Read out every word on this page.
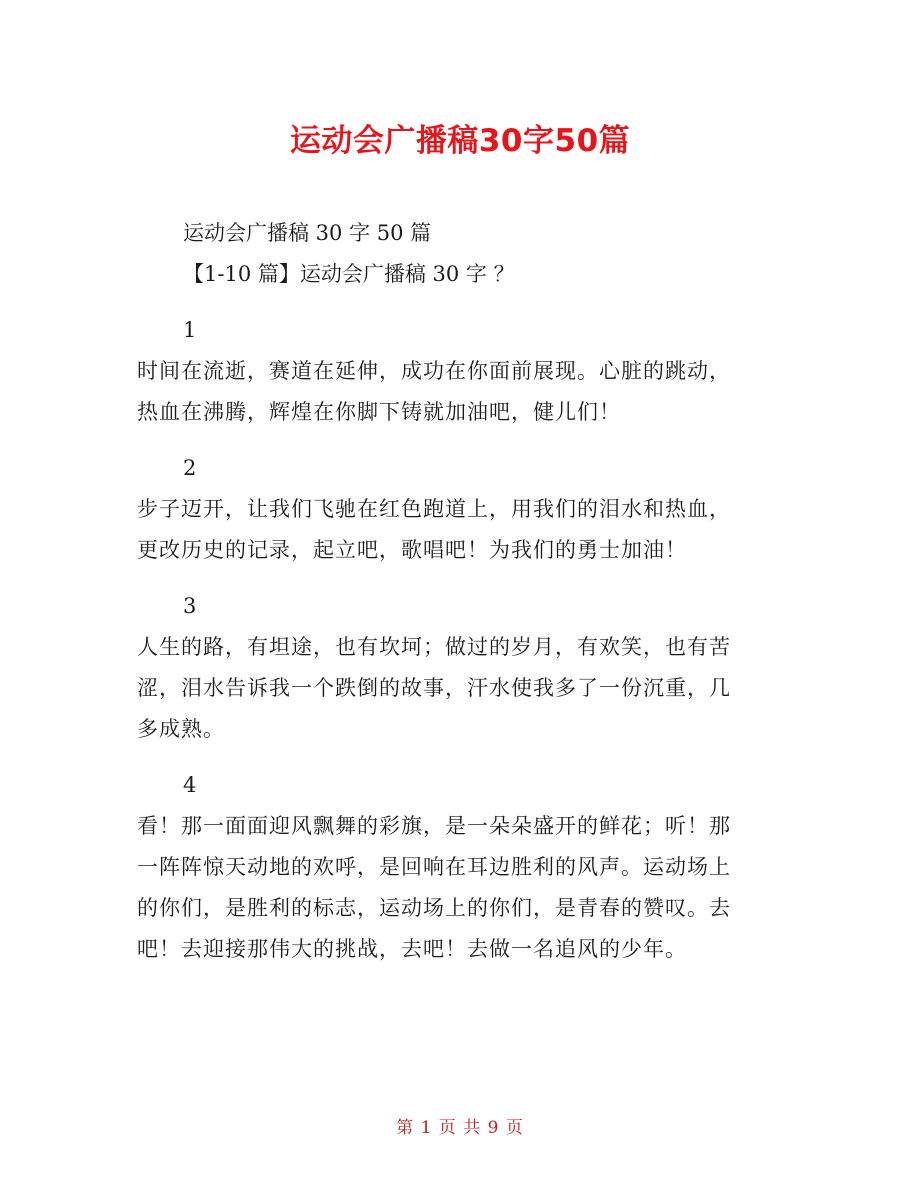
运动会广播稿30字50篇

运动会广播稿 30 字 50 篇

【1-10 篇】运动会广播稿 30 字 ？

1

时间在流逝，赛道在延伸，成功在你面前展现。心脏的跳动，

热血在沸腾，辉煌在你脚下铸就加油吧，健儿们！

2

步子迈开，让我们飞驰在红色跑道上，用我们的泪水和热血，

更改历史的记录，起立吧，歌唱吧！为我们的勇士加油！

3

人生的路，有坦途，也有坎坷；做过的岁月，有欢笑，也有苦

涩，泪水告诉我一个跌倒的故事，汗水使我多了一份沉重，几

多成熟。

4

看！那一面面迎风飘舞的彩旗，是一朵朵盛开的鲜花；听！那

一阵阵惊天动地的欢呼，是回响在耳边胜利的风声。运动场上

的你们，是胜利的标志，运动场上的你们，是青春的赞叹。去

吧！去迎接那伟大的挑战，去吧！去做一名追风的少年。

第 1 页 共 9 页
